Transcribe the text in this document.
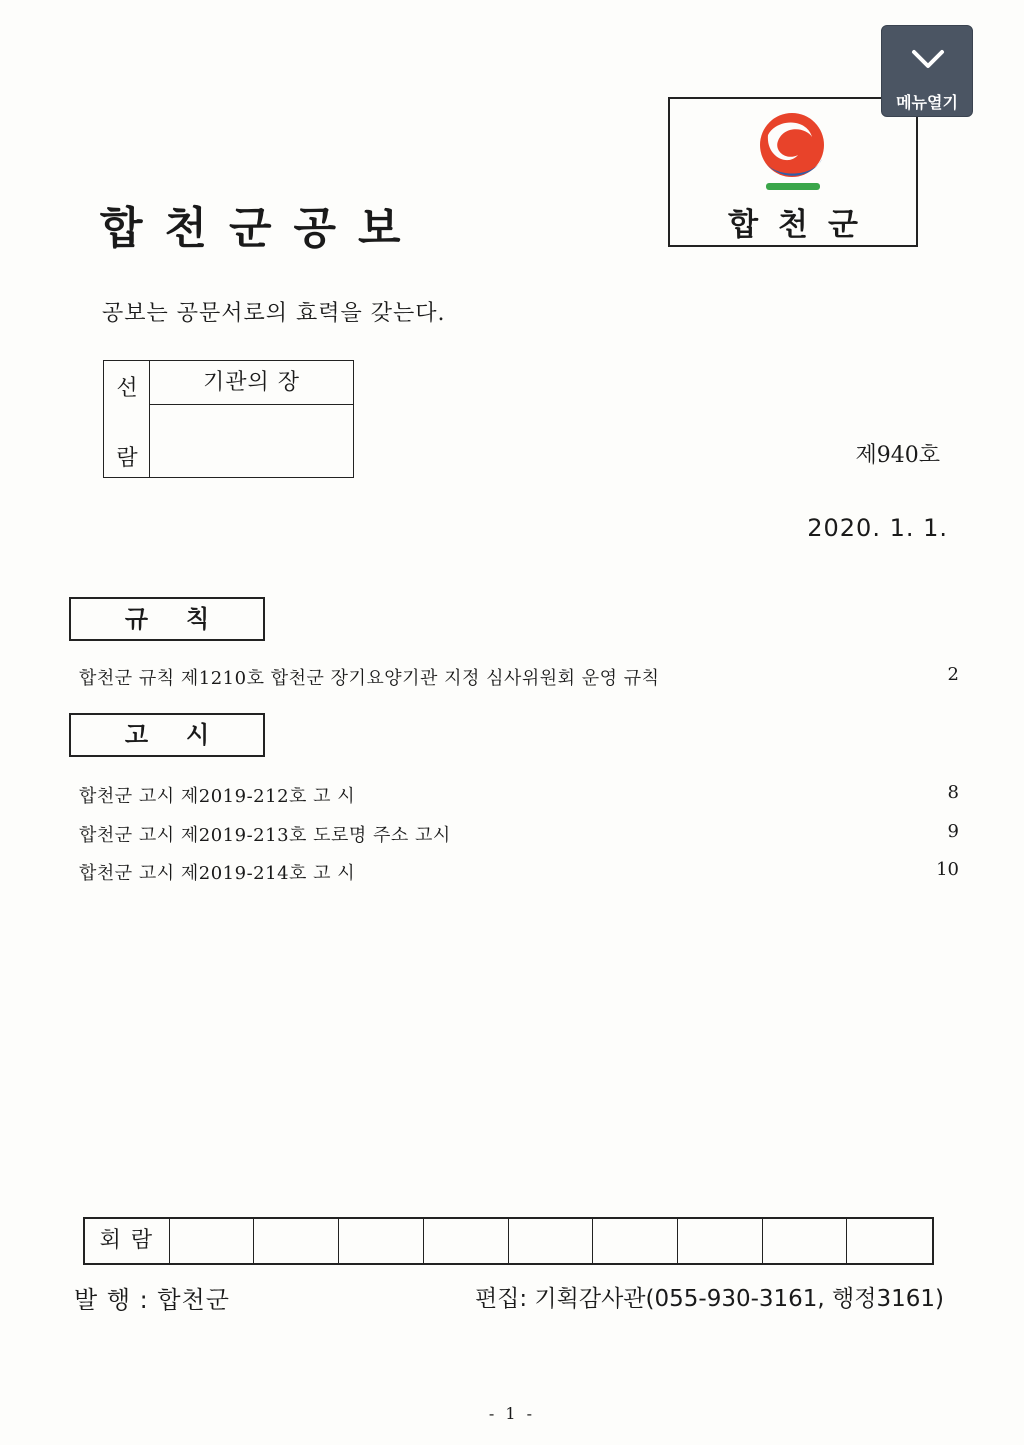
합천군공보	합천군
메뉴열기
공보는 공문서로의 효력을 갖는다.
선
람
기관의 장
제940호
2020. 1. 1.
규칙
합천군 규칙 제1210호 합천군 장기요양기관 지정 심사위원회 운영 규칙	2
고시
합천군 고시 제2019-212호 고 시	8
합천군 고시 제2019-213호 도로명 주소 고시	9
합천군 고시 제2019-214호 고 시	10
회람
발 행 : 합천군	편집: 기획감사관(055-930-3161, 행정3161)
- 1 -
